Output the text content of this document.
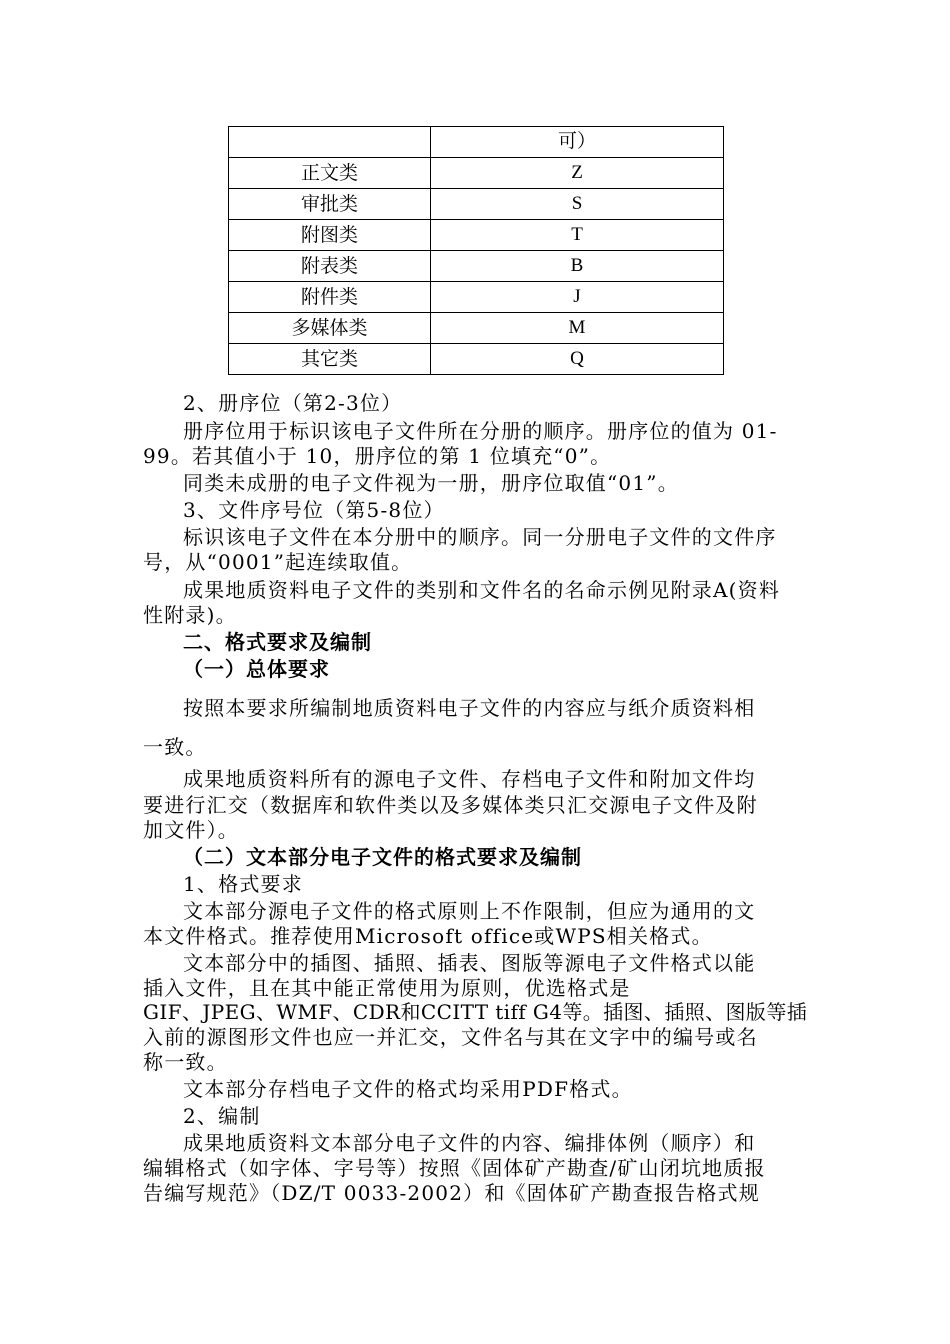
	可）
正文类	Z
审批类	S
附图类	T
附表类	B
附件类	J
多媒体类	M
其它类	Q
2、册序位（第2-3位）
册序位用于标识该电子文件所在分册的顺序。册序位的值为 01-
99。若其值小于 10，册序位的第 1 位填充“0”。
同类未成册的电子文件视为一册，册序位取值“01”。
3、文件序号位（第5-8位）
标识该电子文件在本分册中的顺序。同一分册电子文件的文件序
号，从“0001”起连续取值。
成果地质资料电子文件的类别和文件名的名命示例见附录A(资料
性附录)。
二、格式要求及编制
（一）总体要求
按照本要求所编制地质资料电子文件的内容应与纸介质资料相
一致。
成果地质资料所有的源电子文件、存档电子文件和附加文件均
要进行汇交（数据库和软件类以及多媒体类只汇交源电子文件及附
加文件）。
（二）文本部分电子文件的格式要求及编制
1、格式要求
文本部分源电子文件的格式原则上不作限制，但应为通用的文
本文件格式。推荐使用Microsoft office或WPS相关格式。
文本部分中的插图、插照、插表、图版等源电子文件格式以能
插入文件，且在其中能正常使用为原则，优选格式是
GIF、JPEG、WMF、CDR和CCITT tiff G4等。插图、插照、图版等插
入前的源图形文件也应一并汇交，文件名与其在文字中的编号或名
称一致。
文本部分存档电子文件的格式均采用PDF格式。
2、编制
成果地质资料文本部分电子文件的内容、编排体例（顺序）和
编辑格式（如字体、字号等）按照《固体矿产勘查/矿山闭坑地质报
告编写规范》（DZ/T 0033-2002）和《固体矿产勘查报告格式规
